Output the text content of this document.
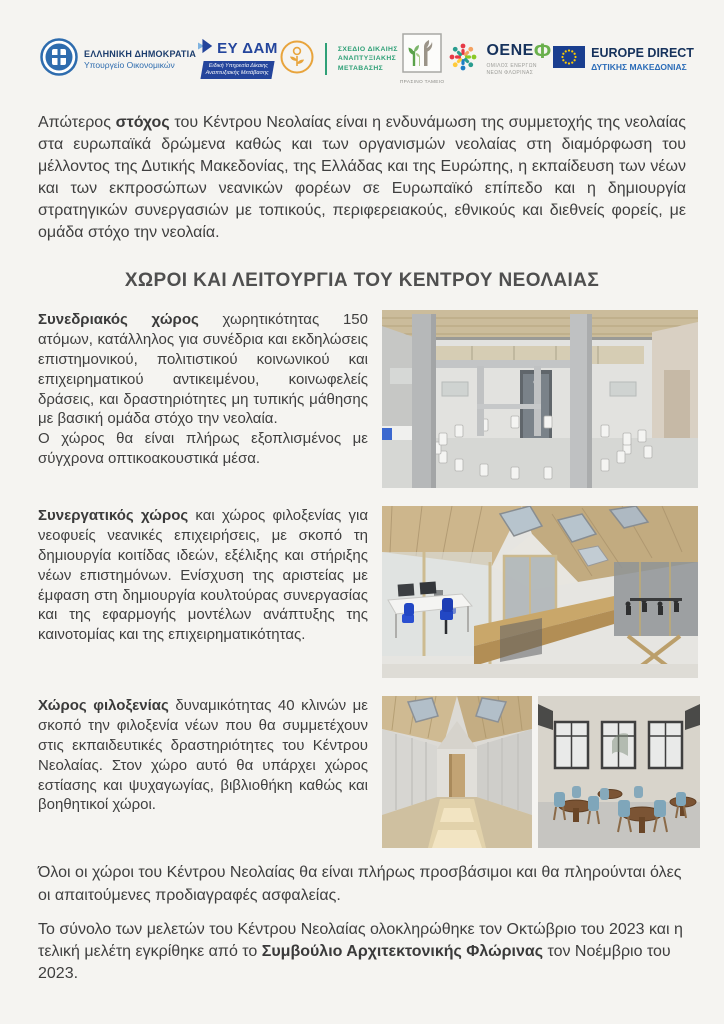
ΕΛΛΗΝΙΚΗ ΔΗΜΟΚΡΑΤΙΑ
Υπουργείο Οικονομικών
ΕΥ ΔΑΜ
Ειδική Υπηρεσία Δίκαιης
Αναπτυξιακής Μετάβασης
ΣΧΕΔΙΟ ΔΙΚΑΙΗΣ
ΑΝΑΠΤΥΞΙΑΚΗΣ
ΜΕΤΑΒΑΣΗΣ
ΠΡΑΣΙΝΟ ΤΑΜΕΙΟ
ΟΕΝΕ Φ
ΟΜΙΛΟΣ ΕΝΕΡΓΩΝ
ΝΕΩΝ ΦΛΩΡΙΝΑΣ
EUROPE DIRECT
ΔΥΤΙΚΗΣ ΜΑΚΕΔΟΝΙΑΣ

Απώτερος στόχος του Κέντρου Νεολαίας είναι η ενδυνάμωση της συμμετοχής της νεολαίας στα ευρωπαϊκά δρώμενα καθώς και των οργανισμών νεολαίας στη διαμόρφωση του μέλλοντος της Δυτικής Μακεδονίας, της Ελλάδας και της Ευρώπης, η εκπαίδευση των νέων και των εκπροσώπων νεανικών φορέων σε Ευρωπαϊκό επίπεδο και η δημιουργία στρατηγικών συνεργασιών με τοπικούς, περιφερειακούς, εθνικούς και διεθνείς φορείς, με ομάδα στόχο την νεολαία.

ΧΩΡΟΙ ΚΑΙ ΛΕΙΤΟΥΡΓΙΑ ΤΟΥ ΚΕΝΤΡΟΥ ΝΕΟΛΑΙΑΣ

Συνεδριακός χώρος χωρητικότητας 150 ατόμων, κατάλληλος για συνέδρια και εκδηλώσεις επιστημονικού, πολιτιστικού κοινωνικού και επιχειρηματικού αντικειμένου, κοινωφελείς δράσεις, και δραστηριότητες μη τυπικής μάθησης με βασική ομάδα στόχο την νεολαία.

Ο χώρος θα είναι πλήρως εξοπλισμένος με σύγχρονα οπτικοακουστικά μέσα.

Συνεργατικός χώρος και χώρος φιλοξενίας για νεοφυείς νεανικές επιχειρήσεις, με σκοπό τη δημιουργία κοιτίδας ιδεών, εξέλιξης και στήριξης νέων επιστημόνων. Ενίσχυση της αριστείας με έμφαση στη δημιουργία κουλτούρας συνεργασίας και της εφαρμογής μοντέλων ανάπτυξης της καινοτομίας και της επιχειρηματικότητας.

Χώρος φιλοξενίας δυναμικότητας 40 κλινών με σκοπό την φιλοξενία νέων που θα συμμετέχουν στις εκπαιδευτικές δραστηριότητες του Κέντρου Νεολαίας. Στον χώρο αυτό θα υπάρχει χώρος εστίασης και ψυχαγωγίας, βιβλιοθήκη καθώς και βοηθητικοί χώροι.

Όλοι οι χώροι του Κέντρου Νεολαίας θα είναι πλήρως προσβάσιμοι και θα πληρούνται όλες οι απαιτούμενες προδιαγραφές ασφαλείας.

Το σύνολο των μελετών του Κέντρου Νεολαίας ολοκληρώθηκε τον Οκτώβριο του 2023 και η τελική μελέτη εγκρίθηκε από το Συμβούλιο Αρχιτεκτονικής Φλώρινας τον Νοέμβριο του 2023.
